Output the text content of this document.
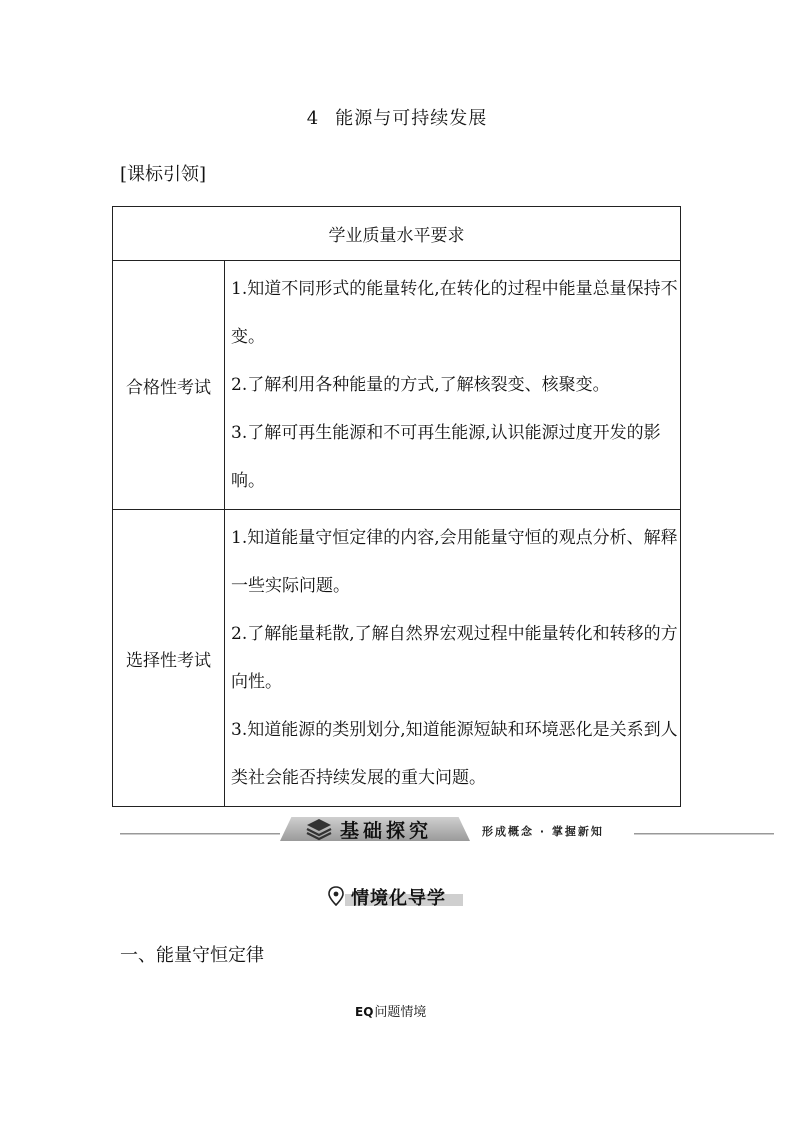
4 能源与可持续发展
[课标引领]
学业质量水平要求	
合格性考试	1.知道不同形式的能量转化,在转化的过程中能量总量保持不变。

2.了解利用各种能量的方式,了解核裂变、核聚变。

3.了解可再生能源和不可再生能源,认识能源过度开发的影响。

选择性考试	1.知道能量守恒定律的内容,会用能量守恒的观点分析、解释一些实际问题。

2.了解能量耗散,了解自然界宏观过程中能量转化和转移的方向性。

3.知道能源的类别划分,知道能源短缺和环境恶化是关系到人类社会能否持续发展的重大问题。

基础探究	形成概念 · 掌握新知
情境化导学
一、能量守恒定律
EQ问题情境
